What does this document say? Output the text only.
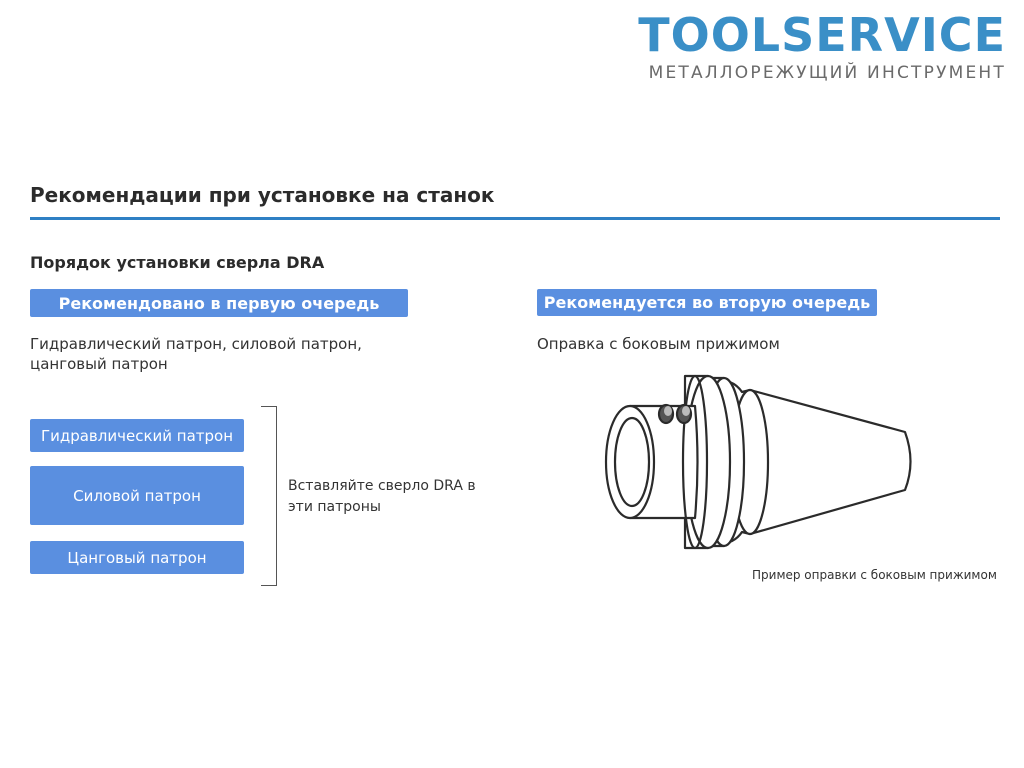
TOOLSERVICE
МЕТАЛЛОРЕЖУЩИЙ ИНСТРУМЕНТ
Рекомендации при установке на станок
Порядок установки сверла DRA
Рекомендовано в первую очередь
Гидравлический патрон, силовой патрон, цанговый патрон
Гидравлический патрон
Силовой патрон
Цанговый патрон
Вставляйте сверло DRA в эти патроны
Рекомендуется во вторую очередь
Оправка с боковым прижимом
Пример оправки с боковым прижимом
